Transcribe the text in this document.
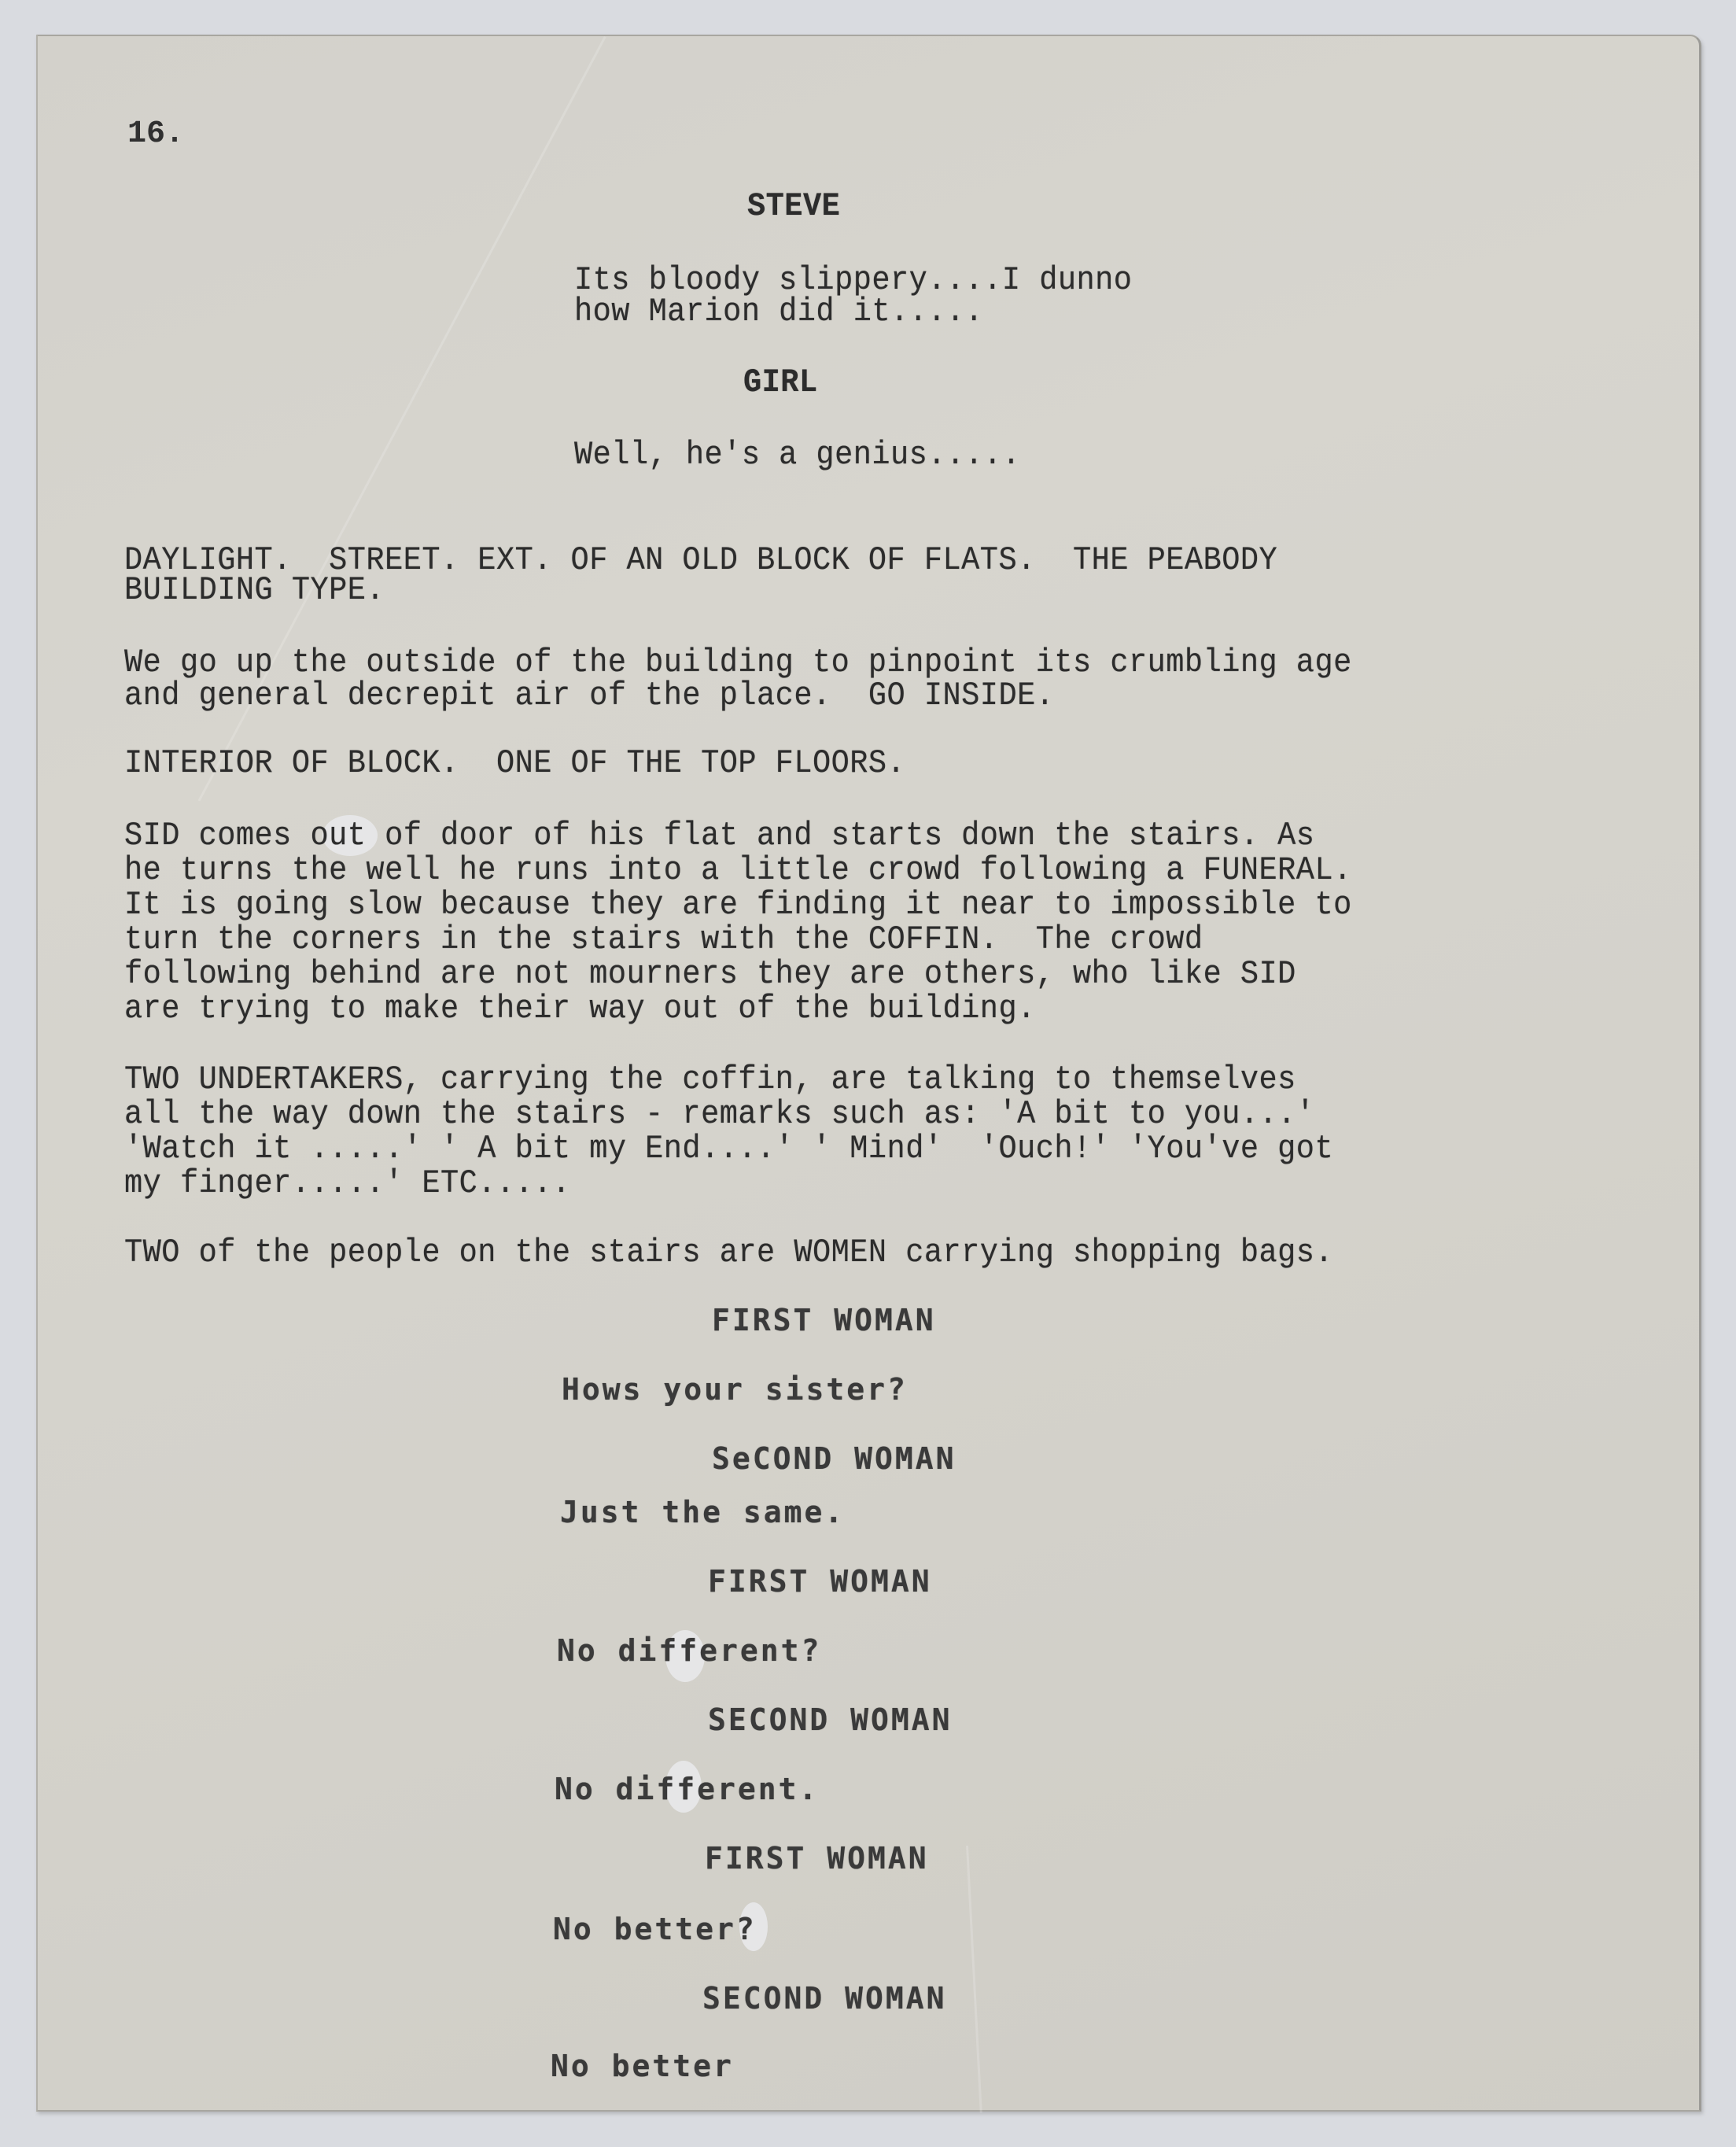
16.
STEVE
Its bloody slippery....I dunno
how Marion did it.....
GIRL
Well, he's a genius.....
DAYLIGHT.  STREET. EXT. OF AN OLD BLOCK OF FLATS.  THE PEABODY
BUILDING TYPE.
We go up the outside of the building to pinpoint its crumbling age
and general decrepit air of the place.  GO INSIDE.
INTERIOR OF BLOCK.  ONE OF THE TOP FLOORS.
SID comes out of door of his flat and starts down the stairs. As
he turns the well he runs into a little crowd following a FUNERAL.
It is going slow because they are finding it near to impossible to
turn the corners in the stairs with the COFFIN.  The crowd
following behind are not mourners they are others, who like SID
are trying to make their way out of the building.
TWO UNDERTAKERS, carrying the coffin, are talking to themselves
all the way down the stairs - remarks such as: 'A bit to you...'
'Watch it .....' ' A bit my End....' ' Mind'  'Ouch!' 'You've got
my finger.....' ETC.....
TWO of the people on the stairs are WOMEN carrying shopping bags.
FIRST WOMAN
Hows your sister?
SeCOND WOMAN
Just the same.
FIRST WOMAN
No different?
SECOND WOMAN
No different.
FIRST WOMAN
No better?
SECOND WOMAN
No better
